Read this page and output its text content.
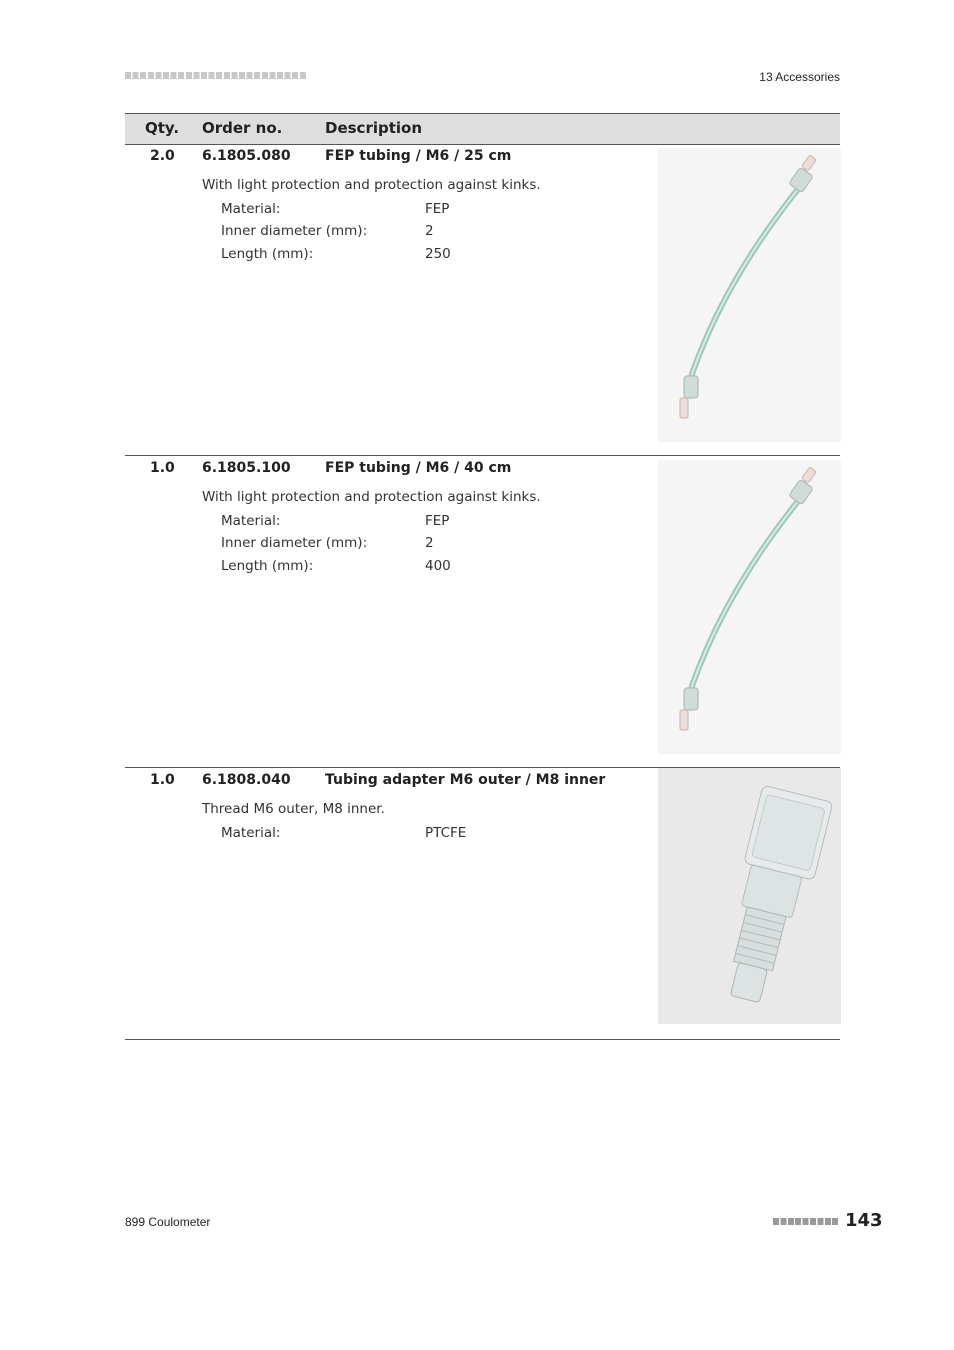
13 Accessories
Qty. Order no.	Description
2.0 6.1805.080 FEP tubing / M6 / 25 cm
With light protection and protection against kinks.
Material:	FEP
Inner diameter (mm):	2
Length (mm):	250
1.0 6.1805.100 FEP tubing / M6 / 40 cm
With light protection and protection against kinks.
Material:	FEP
Inner diameter (mm):	2
Length (mm):	400
1.0 6.1808.040 Tubing adapter M6 outer / M8 inner
Thread M6 outer, M8 inner.
Material:	PTCFE
899 Coulometer	143
